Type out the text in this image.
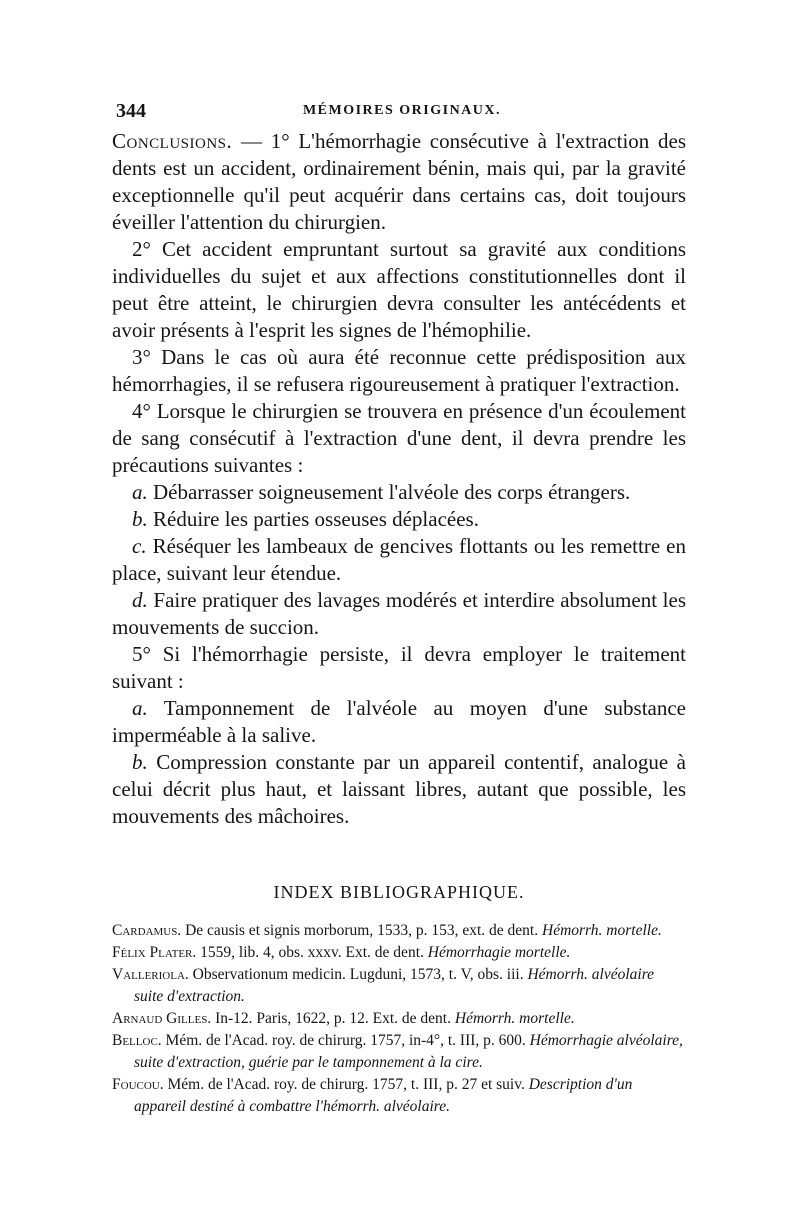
344	MÉMOIRES ORIGINAUX.

Conclusions. — 1° L'hémorrhagie consécutive à l'extraction des dents est un accident, ordinairement bénin, mais qui, par la gravité exceptionnelle qu'il peut acquérir dans certains cas, doit toujours éveiller l'attention du chirurgien.

2° Cet accident empruntant surtout sa gravité aux conditions individuelles du sujet et aux affections constitutionnelles dont il peut être atteint, le chirurgien devra consulter les antécédents et avoir présents à l'esprit les signes de l'hémophilie.

3° Dans le cas où aura été reconnue cette prédisposition aux hémorrhagies, il se refusera rigoureusement à pratiquer l'extraction.

4° Lorsque le chirurgien se trouvera en présence d'un écoulement de sang consécutif à l'extraction d'une dent, il devra prendre les précautions suivantes :

a. Débarrasser soigneusement l'alvéole des corps étrangers.

b. Réduire les parties osseuses déplacées.

c. Réséquer les lambeaux de gencives flottants ou les remettre en place, suivant leur étendue.

d. Faire pratiquer des lavages modérés et interdire absolument les mouvements de succion.

5° Si l'hémorrhagie persiste, il devra employer le traitement suivant :

a. Tamponnement de l'alvéole au moyen d'une substance imperméable à la salive.

b. Compression constante par un appareil contentif, analogue à celui décrit plus haut, et laissant libres, autant que possible, les mouvements des mâchoires.

INDEX BIBLIOGRAPHIQUE.

Cardamus. De causis et signis morborum, 1533, p. 153, ext. de dent. Hémorrh. mortelle.

Félix Plater. 1559, lib. 4, obs. xxxv. Ext. de dent. Hémorrhagie mortelle.

Valleriola. Observationum medicin. Lugduni, 1573, t. V, obs. iii. Hémorrh. alvéolaire suite d'extraction.

Arnaud Gilles. In-12. Paris, 1622, p. 12. Ext. de dent. Hémorrh. mortelle.

Belloc. Mém. de l'Acad. roy. de chirurg. 1757, in-4°, t. III, p. 600. Hémorrhagie alvéolaire, suite d'extraction, guérie par le tamponnement à la cire.

Foucou. Mém. de l'Acad. roy. de chirurg. 1757, t. III, p. 27 et suiv. Description d'un appareil destiné à combattre l'hémorrh. alvéolaire.
